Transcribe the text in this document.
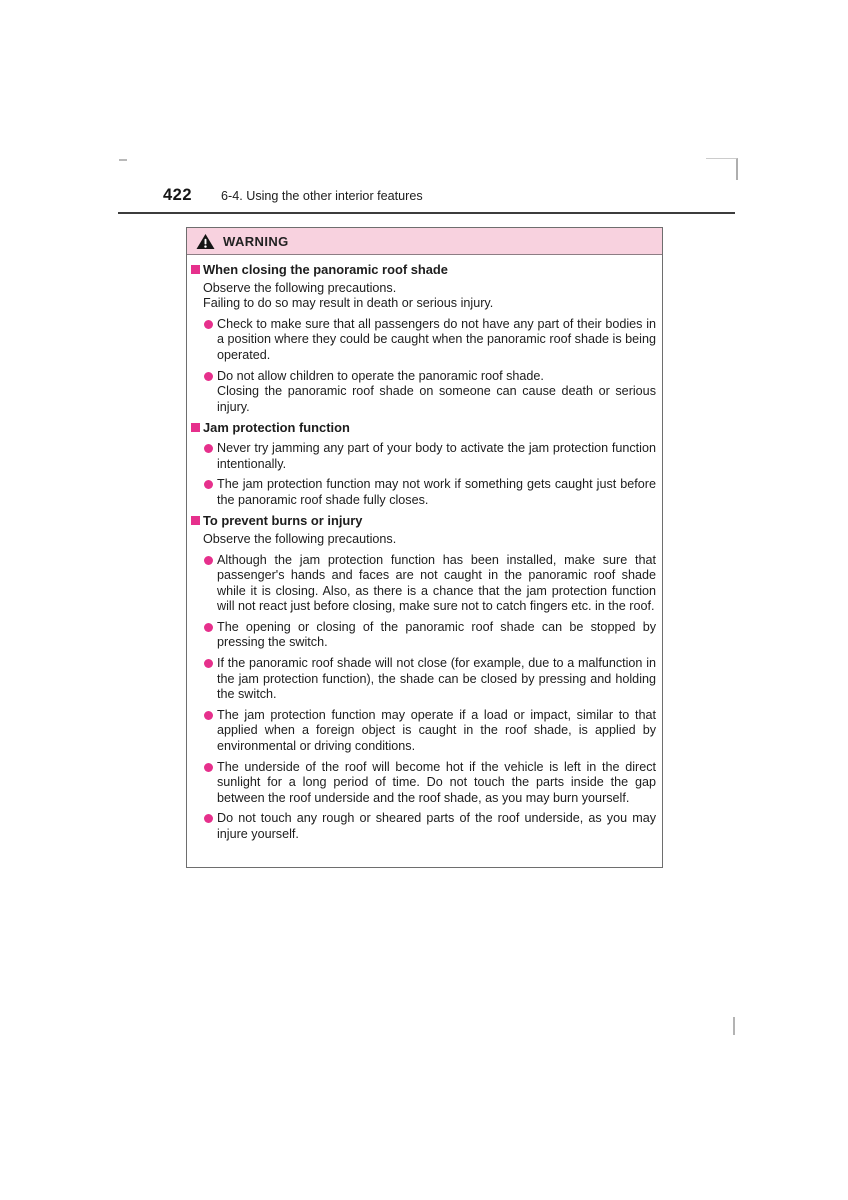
422 6-4. Using the other interior features
WARNING
When closing the panoramic roof shade
Observe the following precautions.
Failing to do so may result in death or serious injury.
Check to make sure that all passengers do not have any part of their bodies in a position where they could be caught when the panoramic roof shade is being operated.
Do not allow children to operate the panoramic roof shade.
Closing the panoramic roof shade on someone can cause death or serious injury.
Jam protection function
Never try jamming any part of your body to activate the jam protection function intentionally.
The jam protection function may not work if something gets caught just before the panoramic roof shade fully closes.
To prevent burns or injury
Observe the following precautions.
Although the jam protection function has been installed, make sure that passenger's hands and faces are not caught in the panoramic roof shade while it is closing. Also, as there is a chance that the jam protection function will not react just before closing, make sure not to catch fingers etc. in the roof.
The opening or closing of the panoramic roof shade can be stopped by pressing the switch.
If the panoramic roof shade will not close (for example, due to a malfunction in the jam protection function), the shade can be closed by pressing and holding the switch.
The jam protection function may operate if a load or impact, similar to that applied when a foreign object is caught in the roof shade, is applied by environmental or driving conditions.
The underside of the roof will become hot if the vehicle is left in the direct sunlight for a long period of time. Do not touch the parts inside the gap between the roof underside and the roof shade, as you may burn yourself.
Do not touch any rough or sheared parts of the roof underside, as you may injure yourself.
